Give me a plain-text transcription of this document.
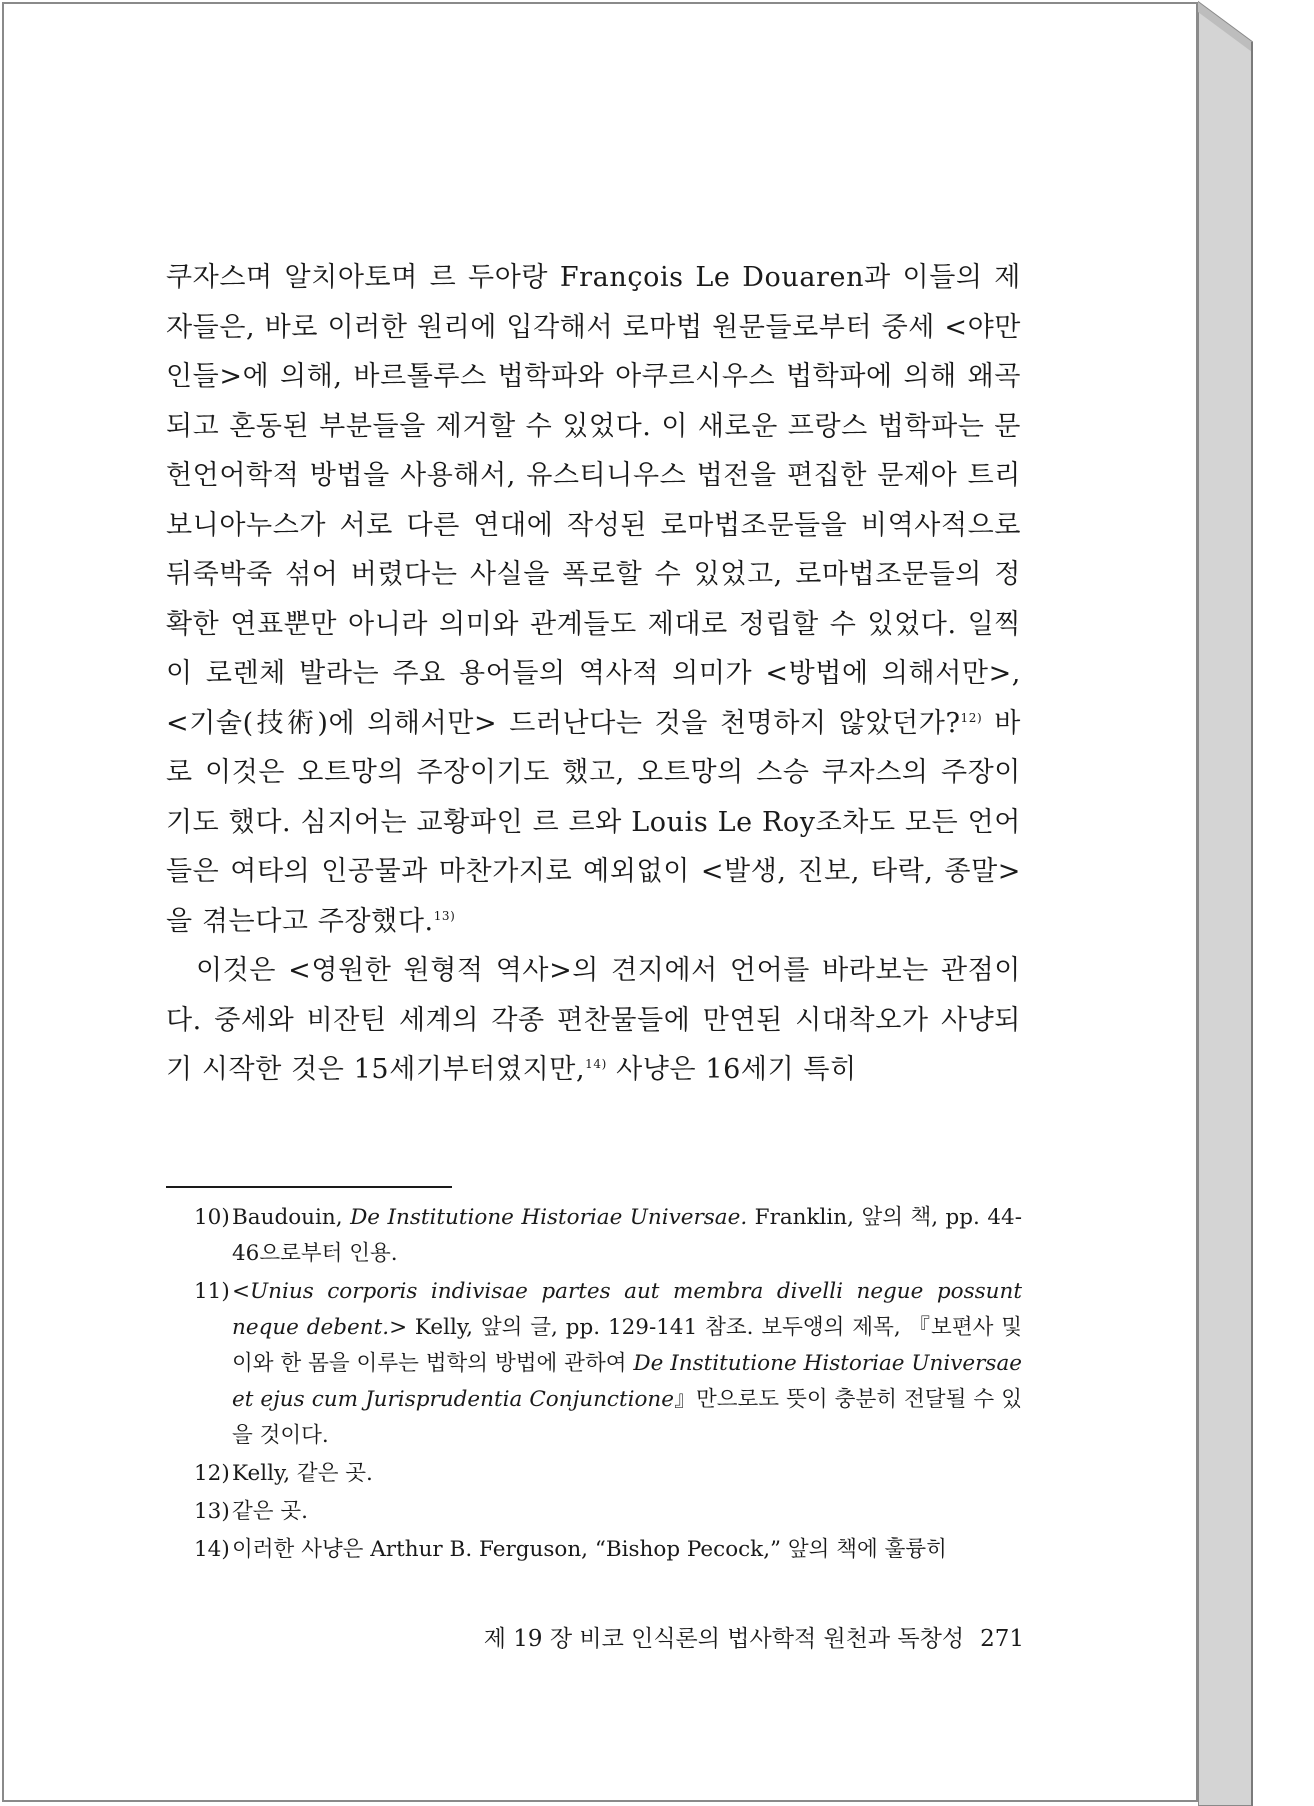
쿠자스며 알치아토며 르 두아랑 François Le Douaren과 이들의 제자들은, 바로 이러한 원리에 입각해서 로마법 원문들로부터 중세 <야만인들>에 의해, 바르톨루스 법학파와 아쿠르시우스 법학파에 의해 왜곡되고 혼동된 부분들을 제거할 수 있었다. 이 새로운 프랑스 법학파는 문헌언어학적 방법을 사용해서, 유스티니우스 법전을 편집한 문제아 트리보니아누스가 서로 다른 연대에 작성된 로마법조문들을 비역사적으로 뒤죽박죽 섞어 버렸다는 사실을 폭로할 수 있었고, 로마법조문들의 정확한 연표뿐만 아니라 의미와 관계들도 제대로 정립할 수 있었다. 일찍이 로렌체 발라는 주요 용어들의 역사적 의미가 <방법에 의해서만>, <기술(技術)에 의해서만> 드러난다는 것을 천명하지 않았던가?$^{12)}$ 바로 이것은 오트망의 주장이기도 했고, 오트망의 스승 쿠자스의 주장이기도 했다. 심지어는 교황파인 르 르와 Louis Le Roy조차도 모든 언어들은 여타의 인공물과 마찬가지로 예외없이 <발생, 진보, 타락, 종말>을 겪는다고 주장했다.$^{13)}$

이것은 <영원한 원형적 역사>의 견지에서 언어를 바라보는 관점이다. 중세와 비잔틴 세계의 각종 편찬물들에 만연된 시대착오가 사냥되기 시작한 것은 15세기부터였지만,$^{14)}$ 사냥은 16세기 특히

10) Baudouin, De Institutione Historiae Universae. Franklin, 앞의 책, pp. 44-46으로부터 인용.
11) <Unius corporis indivisae partes aut membra divelli negue possunt neque debent.> Kelly, 앞의 글, pp. 129-141 참조. 보두앵의 제목, 『보편사 및 이와 한 몸을 이루는 법학의 방법에 관하여 De Institutione Historiae Universae et ejus cum Jurisprudentia Conjunctione』만으로도 뜻이 충분히 전달될 수 있을 것이다.
12) Kelly, 같은 곳.
13) 같은 곳.
14) 이러한 사냥은 Arthur B. Ferguson, “Bishop Pecock,” 앞의 책에 훌륭히
제 19 장 비코 인식론의 법사학적 원천과 독창성 271
